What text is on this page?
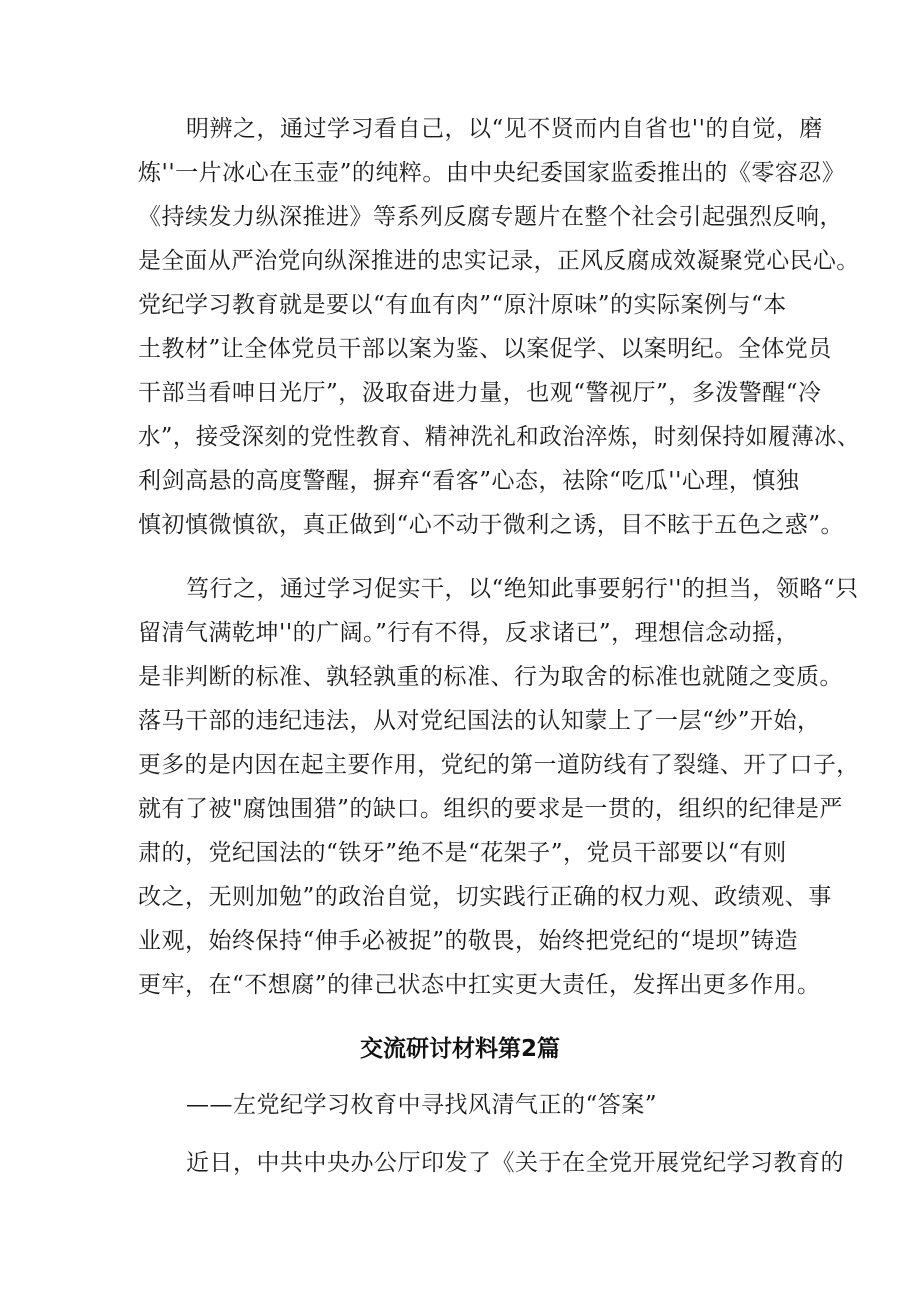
明辨之，通过学习看自己，以“见不贤而内自省也''的自觉，磨

炼''一片冰心在玉壶”的纯粹。由中央纪委国家监委推出的《零容忍》

《持续发力纵深推进》等系列反腐专题片在整个社会引起强烈反响，

是全面从严治党向纵深推进的忠实记录，正风反腐成效凝聚党心民心。

党纪学习教育就是要以“有血有肉”“原汁原味”的实际案例与“本

土教材”让全体党员干部以案为鉴、以案促学、以案明纪。全体党员

干部当看呻日光厅”，汲取奋进力量，也观“警视厅”，多泼警醒“冷

水”，接受深刻的党性教育、精神洗礼和政治淬炼，时刻保持如履薄冰、

利剑高悬的高度警醒，摒弃“看客”心态，祛除“吃瓜''心理，慎独

慎初慎微慎欲，真正做到“心不动于微利之诱，目不眩于五色之惑”。

笃行之，通过学习促实干，以“绝知此事要躬行''的担当，领略“只

留清气满乾坤''的广阔。”行有不得，反求诸已”，理想信念动摇，

是非判断的标准、孰轻孰重的标准、行为取舍的标准也就随之变质。

落马干部的违纪违法，从对党纪国法的认知蒙上了一层“纱”开始，

更多的是内因在起主要作用，党纪的第一道防线有了裂缝、开了口子，

就有了被"腐蚀围猎”的缺口。组织的要求是一贯的，组织的纪律是严

肃的，党纪国法的“铁牙”绝不是“花架子”，党员干部要以“有则

改之，无则加勉”的政治自觉，切实践行正确的权力观、政绩观、事

业观，始终保持“伸手必被捉”的敬畏，始终把党纪的“堤坝”铸造

更牢，在“不想腐”的律己状态中扛实更大责任，发挥出更多作用。

交流研讨材料第2篇

——左党纪学习枚育中寻找风清气正的“答案”

近日，中共中央办公厅印发了《关于在全党开展党纪学习教育的
